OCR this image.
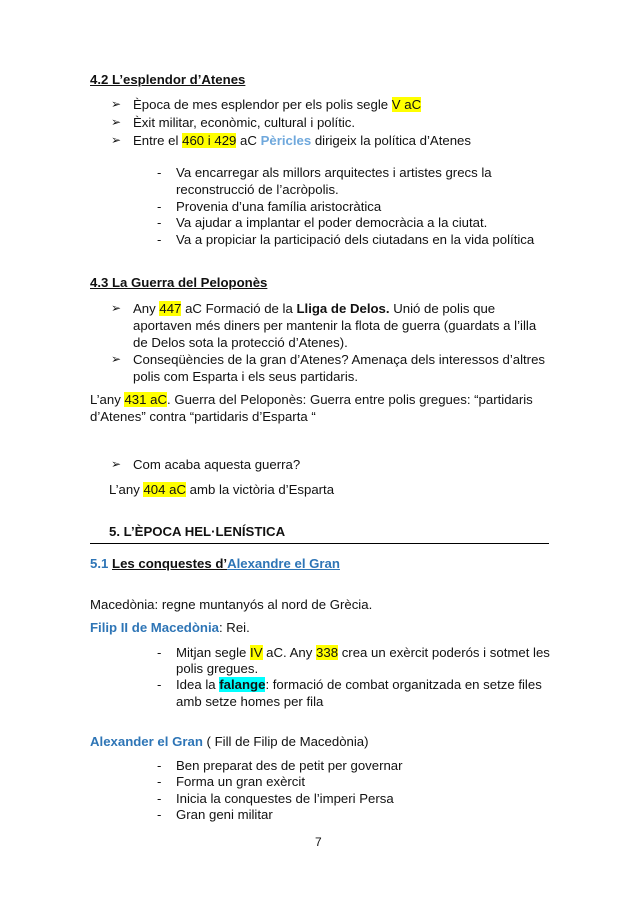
4.2 L’esplendor d’Atenes
➢ Època de mes esplendor per els polis segle V aC
➢ Èxit militar, econòmic, cultural i polític.
➢ Entre el 460 i 429 aC Pèricles dirigeix la política d’Atenes
- Va encarregar als millors arquitectes i artistes grecs la
reconstrucció de l’acròpolis.
- Provenia d’una família aristocràtica
- Va ajudar a implantar el poder democràcia a la ciutat.
- Va a propiciar la participació dels ciutadans en la vida política
4.3 La Guerra del Peloponès
➢ Any 447 aC Formació de la Lliga de Delos. Unió de polis que
aportaven més diners per mantenir la flota de guerra (guardats a l’illa
de Delos sota la protecció d’Atenes).
➢ Conseqüències de la gran d’Atenes? Amenaça dels interessos d’altres
polis com Esparta i els seus partidaris.
L’any 431 aC. Guerra del Peloponès: Guerra entre polis gregues: “partidaris
d’Atenes” contra “partidaris d’Esparta “
➢ Com acaba aquesta guerra?
L’any 404 aC amb la victòria d’Esparta
5. L’ÈPOCA HEL·LENÍSTICA
5.1 Les conquestes d’Alexandre el Gran
Macedònia: regne muntanyós al nord de Grècia.
Filip II de Macedònia: Rei.
- Mitjan segle IV aC. Any 338 crea un exèrcit poderós i sotmet les
polis gregues.
- Idea la falange: formació de combat organitzada en setze files
amb setze homes per fila
Alexander el Gran ( Fill de Filip de Macedònia)
- Ben preparat des de petit per governar
- Forma un gran exèrcit
- Inicia la conquestes de l’imperi Persa
- Gran geni militar
7
